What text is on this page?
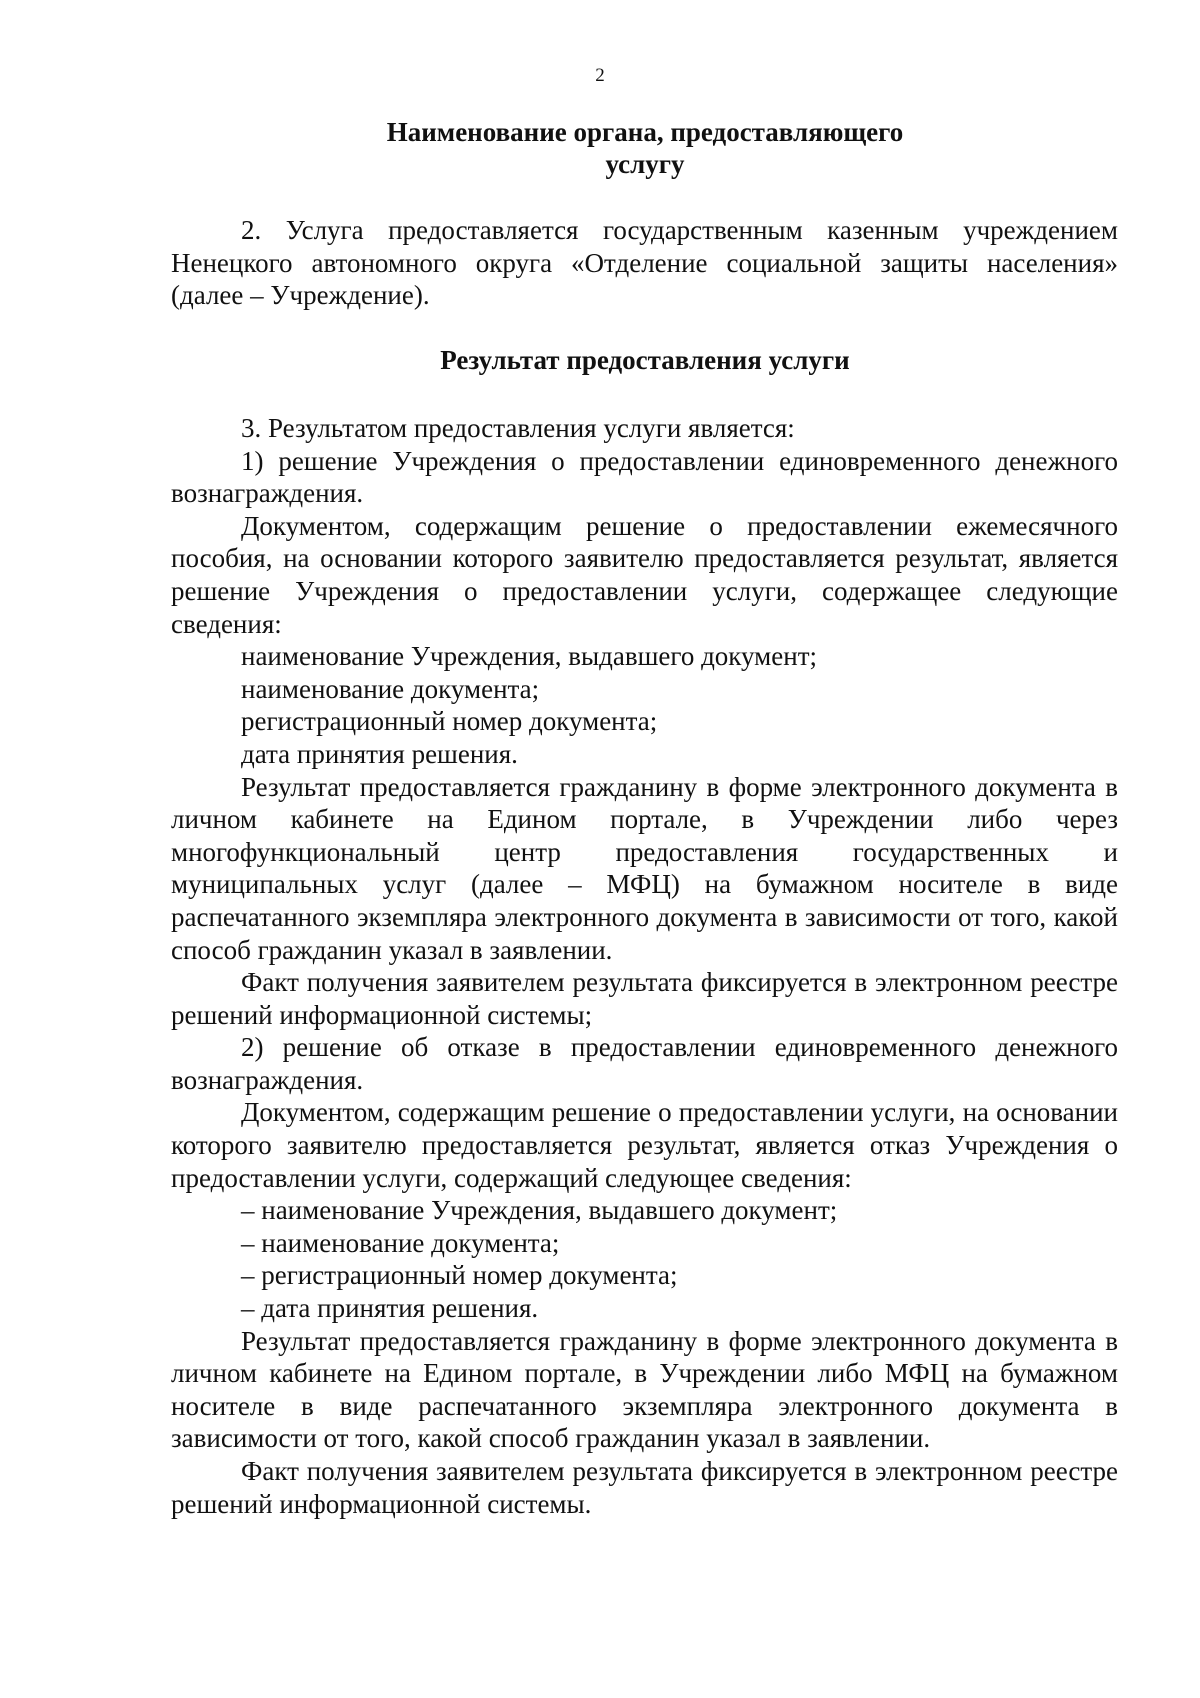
2
Наименование органа, предоставляющего
услугу

2. Услуга предоставляется государственным казенным учреждением Ненецкого автономного округа «Отделение социальной защиты населения» (далее – Учреждение).

Результат предоставления услуги

3. Результатом предоставления услуги является:

1) решение Учреждения о предоставлении единовременного денежного вознаграждения.

Документом, содержащим решение о предоставлении ежемесячного пособия, на основании которого заявителю предоставляется результат, является решение Учреждения о предоставлении услуги, содержащее следующие сведения:

наименование Учреждения, выдавшего документ;

наименование документа;

регистрационный номер документа;

дата принятия решения.

Результат предоставляется гражданину в форме электронного документа в личном кабинете на Едином портале, в Учреждении либо через многофункциональный центр предоставления государственных и муниципальных услуг (далее – МФЦ) на бумажном носителе в виде распечатанного экземпляра электронного документа в зависимости от того, какой способ гражданин указал в заявлении.

Факт получения заявителем результата фиксируется в электронном реестре решений информационной системы;

2) решение об отказе в предоставлении единовременного денежного вознаграждения.

Документом, содержащим решение о предоставлении услуги, на основании которого заявителю предоставляется результат, является отказ Учреждения о предоставлении услуги, содержащий следующее сведения:

– наименование Учреждения, выдавшего документ;

– наименование документа;

– регистрационный номер документа;

– дата принятия решения.

Результат предоставляется гражданину в форме электронного документа в личном кабинете на Едином портале, в Учреждении либо МФЦ на бумажном носителе в виде распечатанного экземпляра электронного документа в зависимости от того, какой способ гражданин указал в заявлении.

Факт получения заявителем результата фиксируется в электронном реестре решений информационной системы.
